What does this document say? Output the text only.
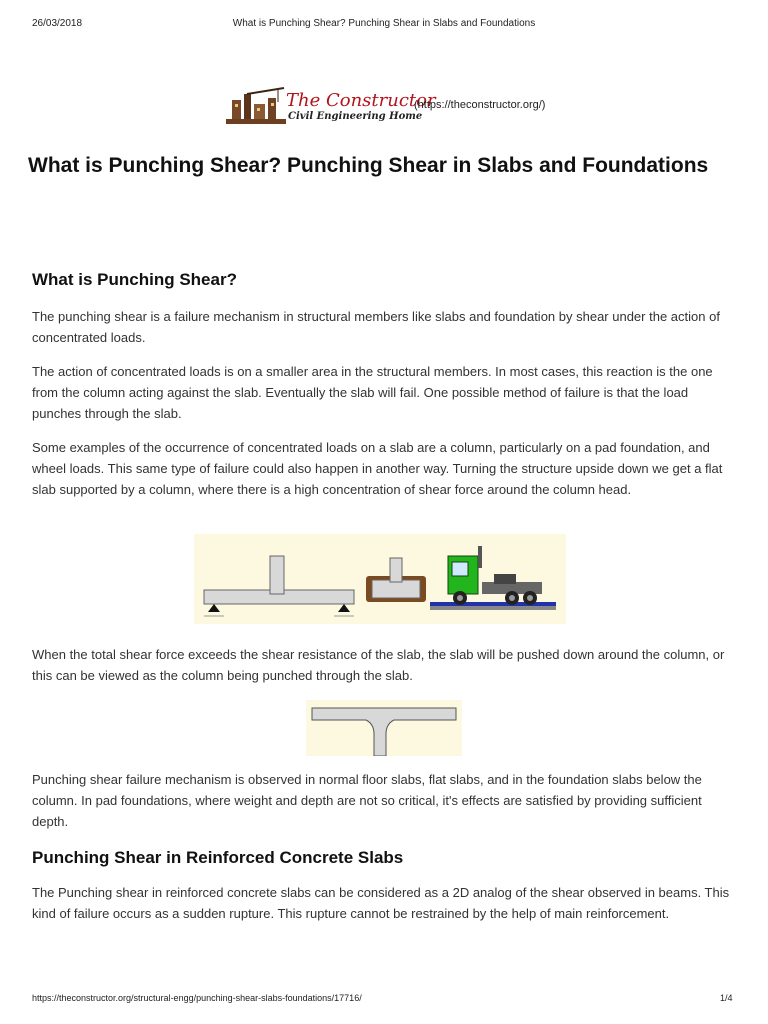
26/03/2018	What is Punching Shear? Punching Shear in Slabs and Foundations
The Constructor
Civil Engineering Home
(https://theconstructor.org/)
What is Punching Shear? Punching Shear in Slabs and Foundations
What is Punching Shear?

The punching shear is a failure mechanism in structural members like slabs and foundation by shear under the action of concentrated loads.

The action of concentrated loads is on a smaller area in the structural members. In most cases, this reaction is the one from the column acting against the slab. Eventually the slab will fail. One possible method of failure is that the load punches through the slab.

Some examples of the occurrence of concentrated loads on a slab are a column, particularly on a pad foundation, and wheel loads. This same type of failure could also happen in another way. Turning the structure upside down we get a flat slab supported by a column, where there is a high concentration of shear force around the column head.

When the total shear force exceeds the shear resistance of the slab, the slab will be pushed down around the column, or this can be viewed as the column being punched through the slab.

Punching shear failure mechanism is observed in normal floor slabs, flat slabs, and in the foundation slabs below the column. In pad foundations, where weight and depth are not so critical, it's effects are satisfied by providing sufficient depth.

Punching Shear in Reinforced Concrete Slabs

The Punching shear in reinforced concrete slabs can be considered as a 2D analog of the shear observed in beams. This kind of failure occurs as a sudden rupture. This rupture cannot be restrained by the help of main reinforcement.

https://theconstructor.org/structural-engg/punching-shear-slabs-foundations/17716/	1/4
